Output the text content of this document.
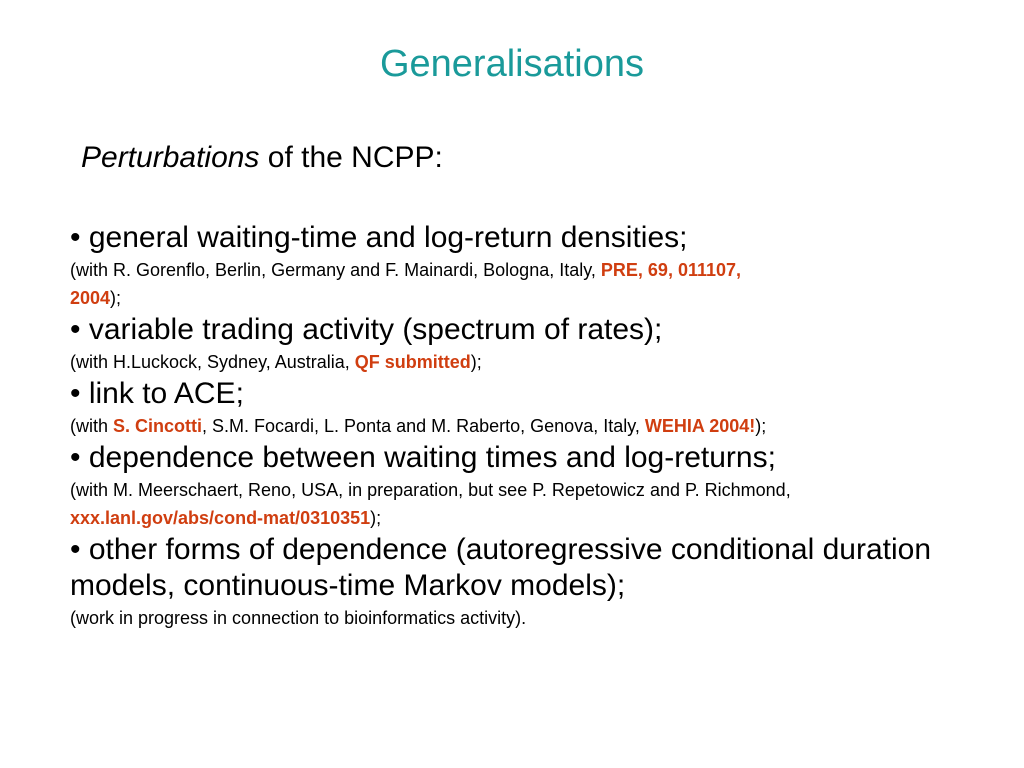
Generalisations
Perturbations of the NCPP:

• general waiting-time and log-return densities;

(with R. Gorenflo, Berlin, Germany and F. Mainardi, Bologna, Italy, PRE, 69, 011107,
2004);

• variable trading activity (spectrum of rates);

(with H.Luckock, Sydney, Australia, QF submitted);

• link to ACE;

(with S. Cincotti, S.M. Focardi, L. Ponta and M. Raberto, Genova, Italy, WEHIA 2004!);

• dependence between waiting times and log-returns;

(with M. Meerschaert, Reno, USA, in preparation, but see P. Repetowicz and P. Richmond,
xxx.lanl.gov/abs/cond-mat/0310351);

• other forms of dependence (autoregressive conditional duration models, continuous-time Markov models);

(work in progress in connection to bioinformatics activity).
